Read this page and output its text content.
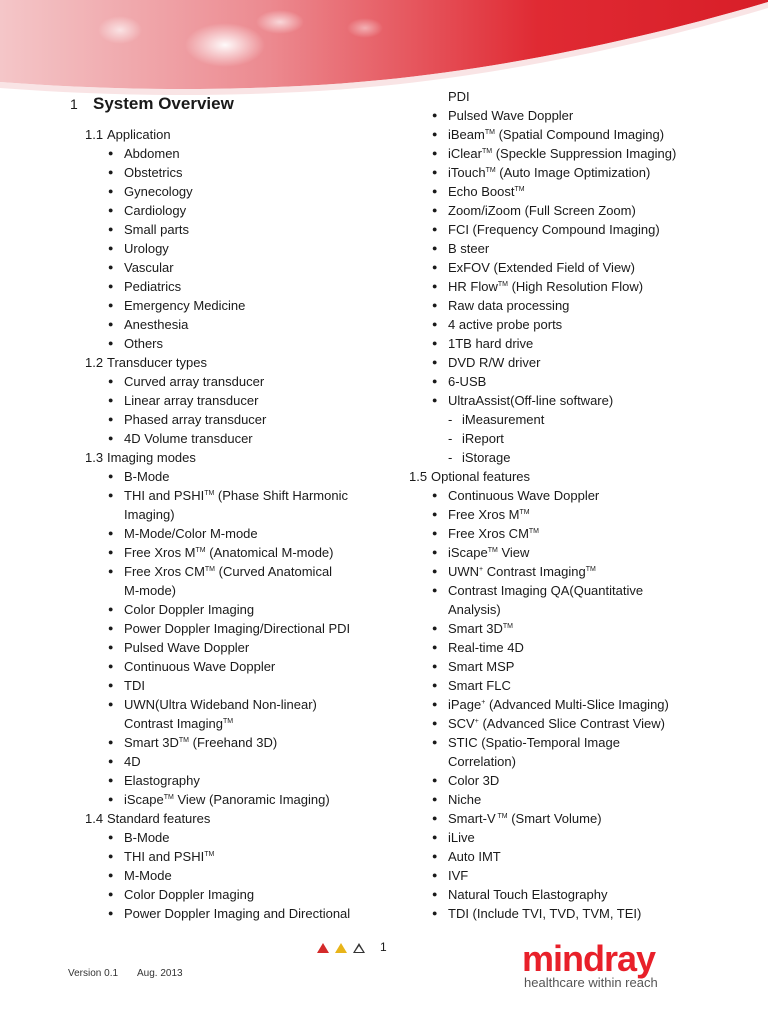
1 System Overview
1.1 Application
● Abdomen
● Obstetrics
● Gynecology
● Cardiology
● Small parts
● Urology
● Vascular
● Pediatrics
● Emergency Medicine
● Anesthesia
● Others
1.2 Transducer types
● Curved array transducer
● Linear array transducer
● Phased array transducer
● 4D Volume transducer
1.3 Imaging modes
● B-Mode
● THI and PSHI™ (Phase Shift Harmonic
Imaging)
● M-Mode/Color M-mode
● Free Xros M™ (Anatomical M-mode)
● Free Xros CM™ (Curved Anatomical
M-mode)
● Color Doppler Imaging
● Power Doppler Imaging/Directional PDI
● Pulsed Wave Doppler
● Continuous Wave Doppler
● TDI
● UWN(Ultra Wideband Non-linear)
Contrast Imaging™
● Smart 3D™ (Freehand 3D)
● 4D
● Elastography
● iScape™ View (Panoramic Imaging)
1.4 Standard features
● B-Mode
● THI and PSHI™
● M-Mode
● Color Doppler Imaging
● Power Doppler Imaging and Directional
PDI
● Pulsed Wave Doppler
● iBeam™ (Spatial Compound Imaging)
● iClear™ (Speckle Suppression Imaging)
● iTouch™ (Auto Image Optimization)
● Echo Boost™
● Zoom/iZoom (Full Screen Zoom)
● FCI (Frequency Compound Imaging)
● B steer
● ExFOV (Extended Field of View)
● HR Flow™ (High Resolution Flow)
● Raw data processing
● 4 active probe ports
● 1TB hard drive
● DVD R/W driver
● 6-USB
● UltraAssist(Off-line software)
- iMeasurement
- iReport
- iStorage
1.5 Optional features
● Continuous Wave Doppler
● Free Xros M™
● Free Xros CM™
● iScape™ View
● UWN+ Contrast Imaging™
● Contrast Imaging QA(Quantitative
Analysis)
● Smart 3D™
● Real-time 4D
● Smart MSP
● Smart FLC
● iPage+ (Advanced Multi-Slice Imaging)
● SCV+ (Advanced Slice Contrast View)
● STIC (Spatio-Temporal Image
Correlation)
● Color 3D
● Niche
● Smart-V ™ (Smart Volume)
● iLive
● Auto IMT
● IVF
● Natural Touch Elastography
● TDI (Include TVI, TVD, TVM, TEI)
1
Version 0.1 Aug. 2013	mindray
healthcare within reach
